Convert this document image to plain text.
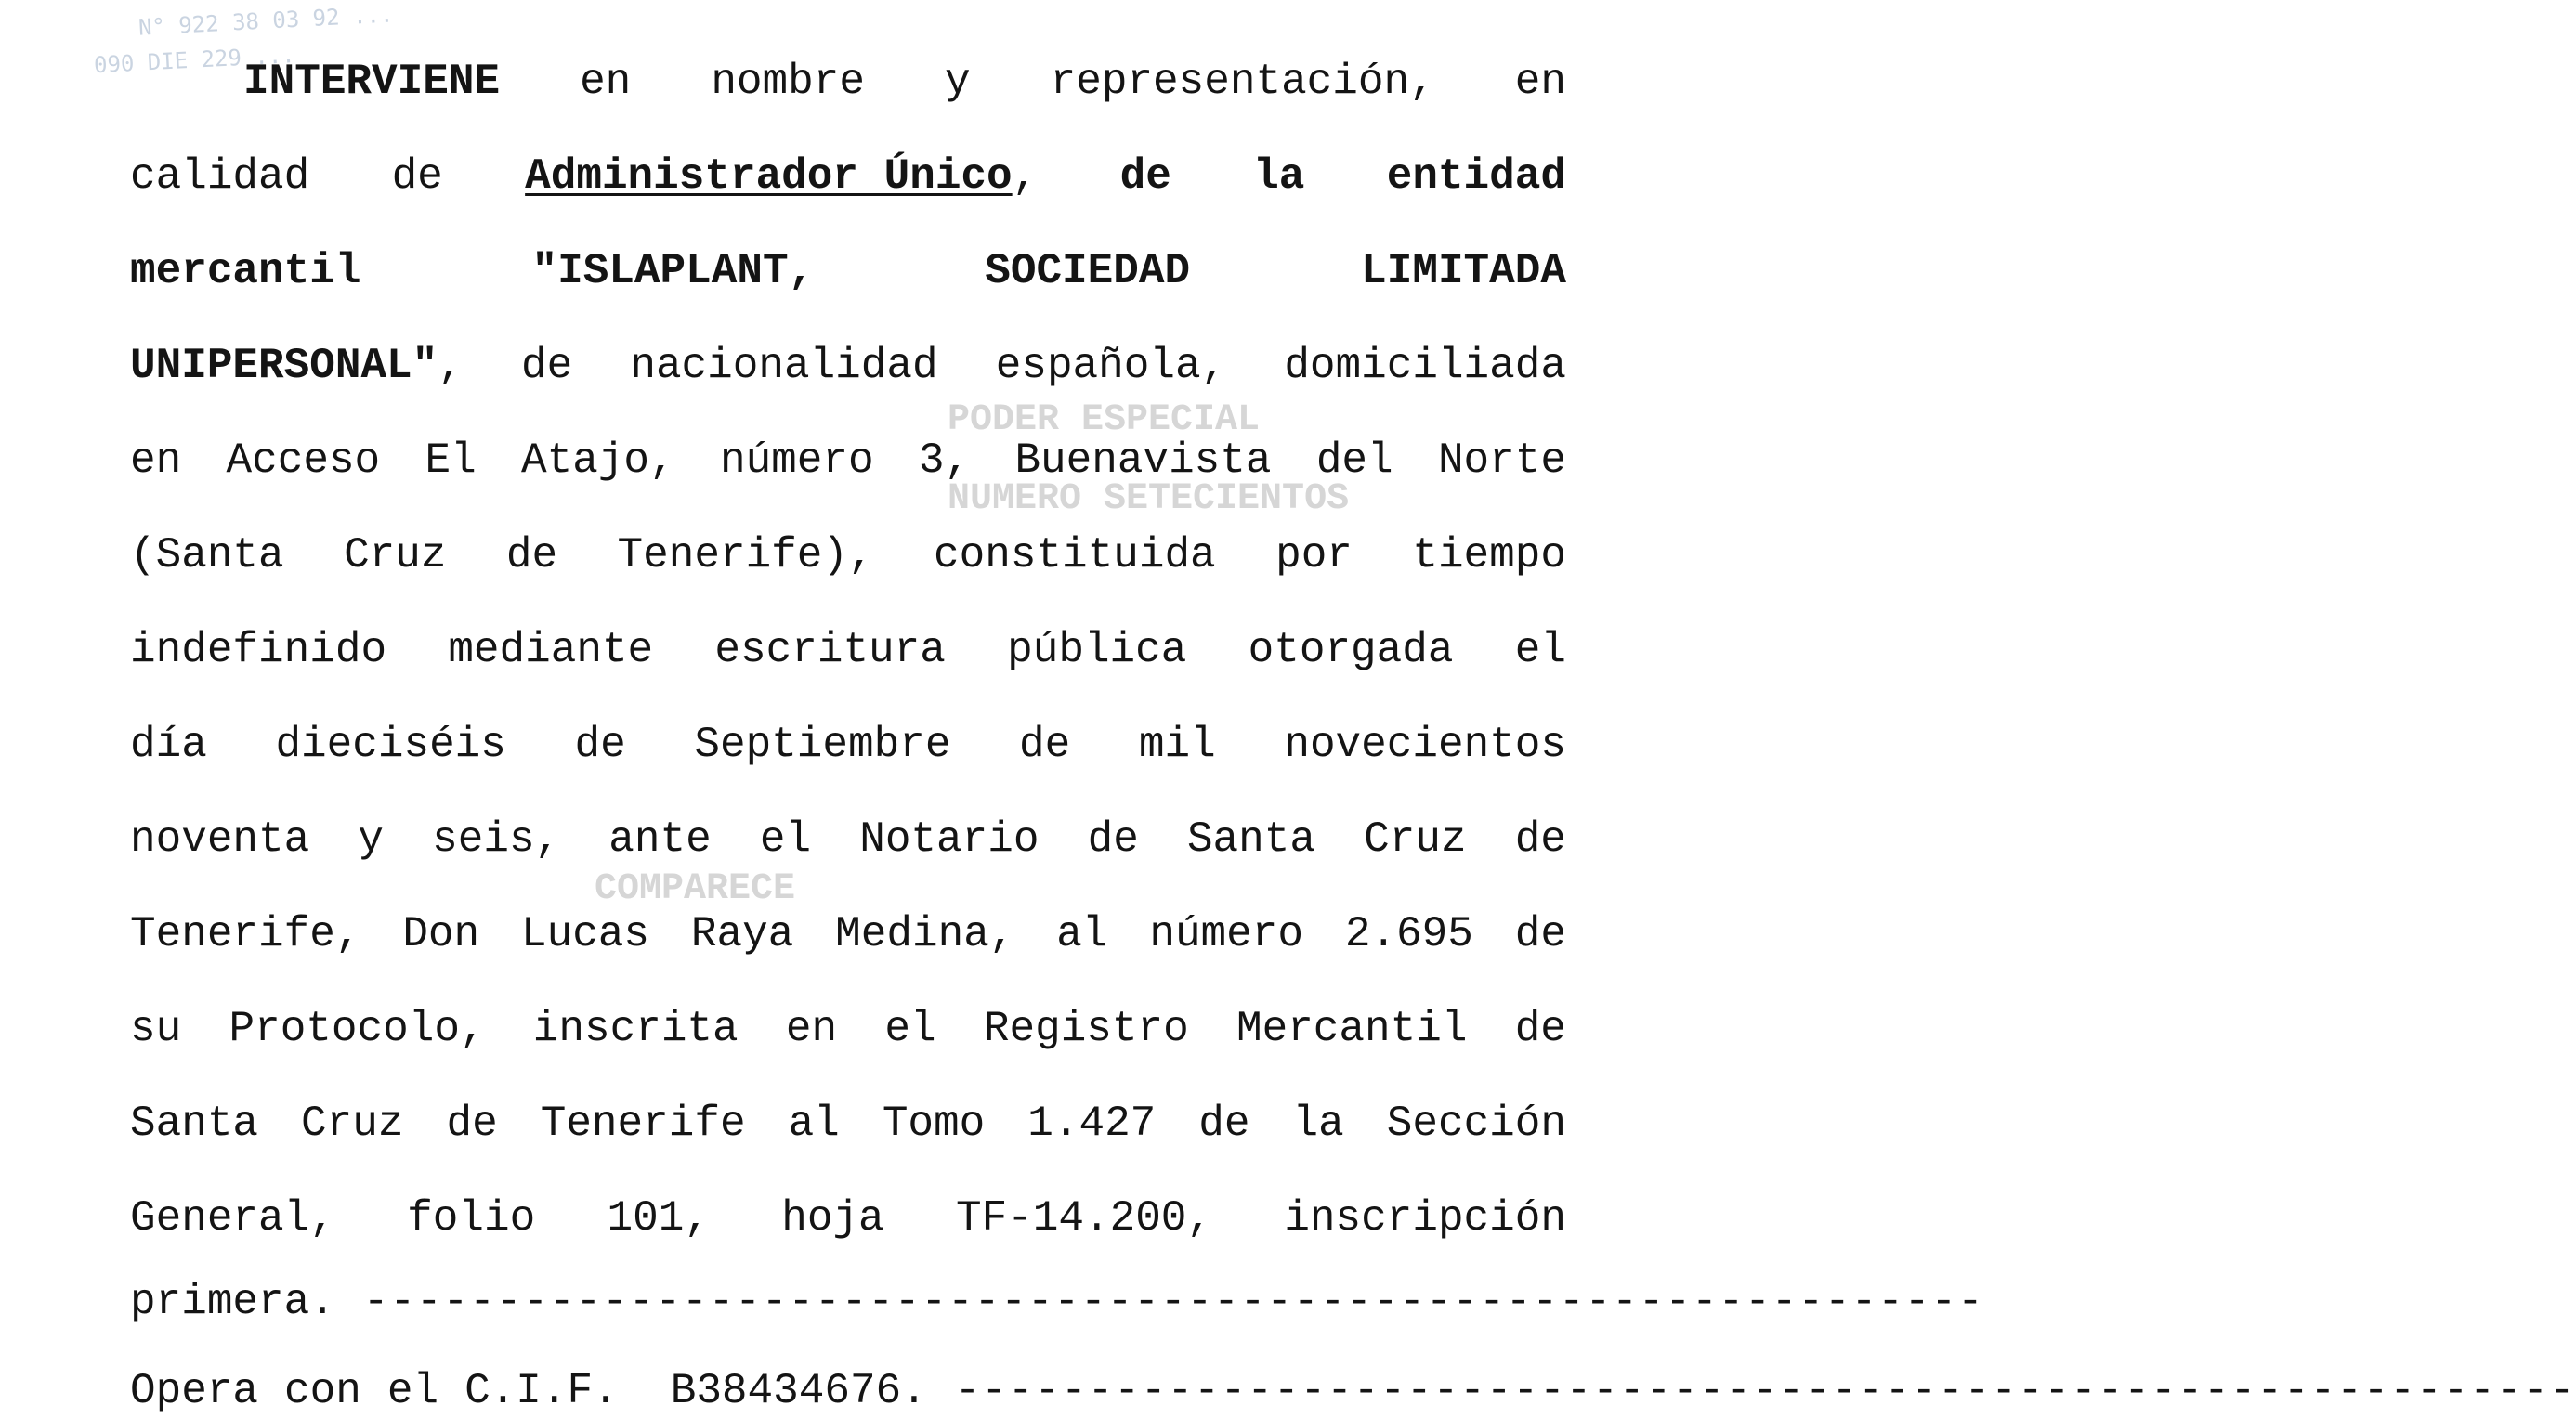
N° 922 38 03 92 ...
090 DIE 229 ...
PODER ESPECIAL
NUMERO SETECIENTOS
COMPARECE
INTERVIENE en nombre y representación, en
calidad de Administrador Único, de la entidad
mercantil	"ISLAPLANT,	SOCIEDAD	LIMITADA
UNIPERSONAL", de nacionalidad española, domiciliada
en Acceso El Atajo, número 3, Buenavista del Norte
(Santa Cruz de Tenerife), constituida por tiempo
indefinido mediante escritura pública otorgada el
día dieciséis de Septiembre de mil novecientos
noventa y seis, ante el Notario de Santa Cruz de
Tenerife, Don Lucas Raya Medina, al número 2.695 de
su Protocolo, inscrita en el Registro Mercantil de
Santa Cruz de Tenerife al Tomo 1.427 de la Sección
General, folio 101, hoja TF-14.200, inscripción
primera. -------------------------------------------------------------
Opera con el C.I.F. B38434676. -------------------------------------------------------------
